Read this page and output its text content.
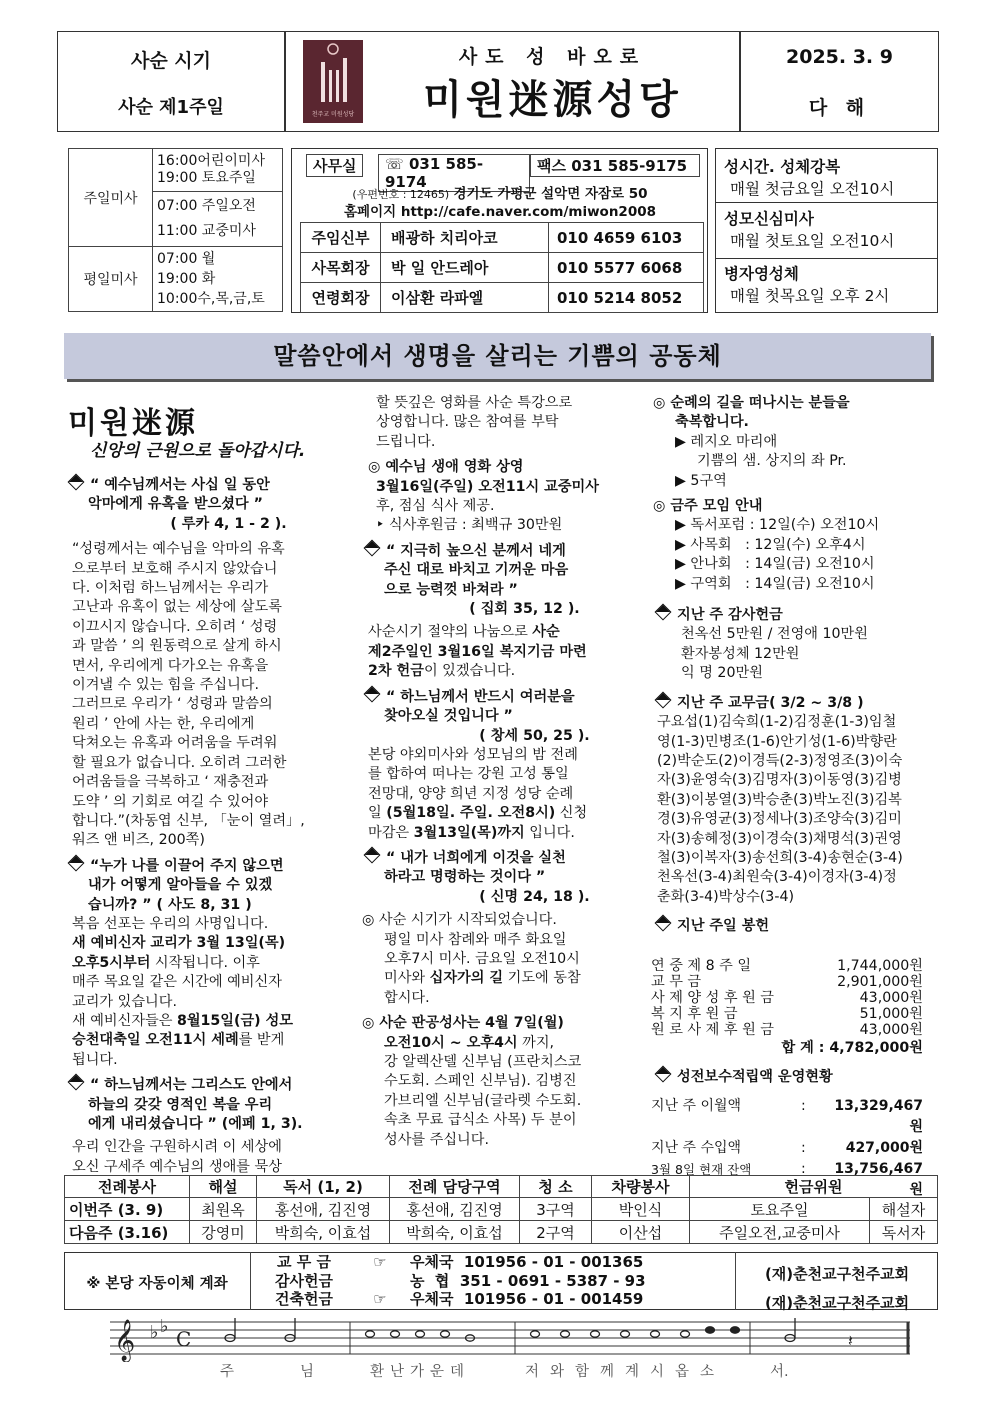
사순 시기
사순 제1주일	천주교 미원성당
사도 성 바오로
미원迷源성당
2025. 3. 9
다 해
주일미사	16:00어린이미사
19:00 토요주일

	07:00 주일오전
11:00 교중미사

평일미사	07:00 월
19:00 화
10:00수,목,금,토
사무실	☏ 031 585-9174
팩스 031 585-9175
(우편번호 : 12465) 경기도 가평군 설악면 자잠로 50
홈페이지 http://cafe.naver.com/miwon2008
주임신부	배광하 치리아코	010 4659 6103
사목회장	박 일 안드레아	010 5577 6068
연령회장	이삼환 라파엘	010 5214 8052
성시간. 성체강복
매월 첫금요일 오전10시
성모신심미사
매월 첫토요일 오전10시
병자영성체
매월 첫목요일 오후 2시
말씀안에서 생명을 살리는 기쁨의 공동체
미원迷源
신앙의 근원으로 돌아갑시다.

“ 예수님께서는 사십 일 동안

악마에게 유혹을 받으셨다 ”

( 루카 4, 1 - 2 ).

“성령께서는 예수님을 악마의 유혹

으로부터 보호해 주시지 않았습니

다. 이처럼 하느님께서는 우리가

고난과 유혹이 없는 세상에 살도록

이끄시지 않습니다. 오히려 ‘ 성령

과 말씀 ’ 의 원동력으로 살게 하시

면서, 우리에게 다가오는 유혹을

이겨낼 수 있는 힘을 주십니다.

그러므로 우리가 ‘ 성령과 말씀의

원리 ’ 안에 사는 한, 우리에게

닥쳐오는 유혹과 어려움을 두려워

할 필요가 없습니다. 오히려 그러한

어려움들을 극복하고 ‘ 재충전과

도약 ’ 의 기회로 여길 수 있어야

합니다.”(차동엽 신부, 「눈이 열려」,

워즈 앤 비즈, 200쪽)

“누가 나를 이끌어 주지 않으면

내가 어떻게 알아들을 수 있겠

습니까? ” ( 사도 8, 31 )

복음 선포는 우리의 사명입니다.

새 예비신자 교리가 3월 13일(목)

오후5시부터 시작됩니다. 이후

매주 목요일 같은 시간에 예비신자

교리가 있습니다.

새 예비신자들은 8월15일(금) 성모

승천대축일 오전11시 세례를 받게

됩니다.

“ 하느님께서는 그리스도 안에서

하늘의 갖갖 영적인 복을 우리

에게 내리셨습니다 ” (에페 1, 3).

우리 인간을 구원하시려 이 세상에

오신 구세주 예수님의 생애를 묵상

할 뜻깊은 영화를 사순 특강으로

상영합니다. 많은 참여를 부탁

드립니다.

◎ 예수님 생애 영화 상영

3월16일(주일) 오전11시 교중미사

후, 점심 식사 제공.

‣ 식사후원금 : 최백규 30만원

“ 지극히 높으신 분께서 네게

주신 대로 바치고 기꺼운 마음

으로 능력껏 바쳐라 ”

( 집회 35, 12 ).

사순시기 절약의 나눔으로 사순

제2주일인 3월16일 복지기금 마련

2차 헌금이 있겠습니다.

“ 하느님께서 반드시 여러분을

찾아오실 것입니다 ”

( 창세 50, 25 ).

본당 야외미사와 성모님의 밤 전례

를 합하여 떠나는 강원 고성 통일

전망대, 양양 희년 지정 성당 순례

일 (5월18일. 주일. 오전8시) 신청

마감은 3월13일(목)까지 입니다.

“ 내가 너희에게 이것을 실천

하라고 명령하는 것이다 ”

( 신명 24, 18 ).

◎ 사순 시기가 시작되었습니다.

평일 미사 참례와 매주 화요일

오후7시 미사. 금요일 오전10시

미사와 십자가의 길 기도에 동참

합시다.

◎ 사순 판공성사는 4월 7일(월)

오전10시 ~ 오후4시 까지,

강 알렉산델 신부님 (프란치스코

수도회. 스페인 신부님). 김병진

가브리엘 신부님(글라렛 수도회.

속초 무료 급식소 사목) 두 분이

성사를 주십니다.

◎ 순례의 길을 떠나시는 분들을

축복합니다.

▶ 레지오 마리애

기쁨의 샘. 상지의 좌 Pr.

▶ 5구역

◎ 금주 모임 안내

▶ 독서포럼 : 12일(수) 오전10시

▶ 사목회   : 12일(수) 오후4시

▶ 안나회   : 14일(금) 오전10시

▶ 구역회   : 14일(금) 오전10시

지난 주 감사헌금

천옥선 5만원 / 전영애 10만원

환자봉성체 12만원

익 명 20만원

지난 주 교무금( 3/2 ~ 3/8 )

구요섭(1)김숙희(1-2)김정훈(1-3)임철

영(1-3)민병조(1-6)안기성(1-6)박향란

(2)박순도(2)이경득(2-3)정영조(3)이숙

자(3)윤영숙(3)김명자(3)이동영(3)김병

환(3)이봉열(3)박승춘(3)박노진(3)김복

경(3)유영균(3)정세나(3)조양숙(3)김미

자(3)송혜정(3)이경숙(3)채명석(3)권영

철(3)이복자(3)송선희(3-4)송현순(3-4)

천옥선(3-4)최원숙(3-4)이경자(3-4)정

춘화(3-4)박상수(3-4)

지난 주일 봉헌

연 중 제 8 주 일	1,744,000원
교 무 금	2,901,000원
사 제 양 성 후 원 금	43,000원
복 지 후 원 금	51,000원
원 로 사 제 후 원 금	43,000원
합 계 : 4,782,000원

성전보수적립액 운영현황

지난 주 이월액	:	13,329,467원
지난 주 수입액	:	427,000원
3월 8일 현재 잔액	:	13,756,467원
전례봉사	해설	독서 (1, 2)	전례 담당구역	청 소	차량봉사	헌금위원	
이번주 (3. 9)	최원옥	홍선애, 김진영	홍선애, 김진영	3구역	박인식	토요주일	해설자
다음주 (3.16)	강영미	박희숙, 이효섭	박희숙, 이효섭	2구역	이산섭	주일오전,교중미사	독서자
※ 본당 자동이체 계좌
교 무 금	☞	우체국  101956 - 01 - 001365
감사헌금	농  협  351 - 0691 - 5387 - 93
건축헌금	☞	우체국  101956 - 01 - 001459
(재)춘천교구천주교회
(재)춘천교구천주교회
𝄞 ♭ ♭
C	𝄽
주	님	환난가운데	저와함께계시옵소	서.
